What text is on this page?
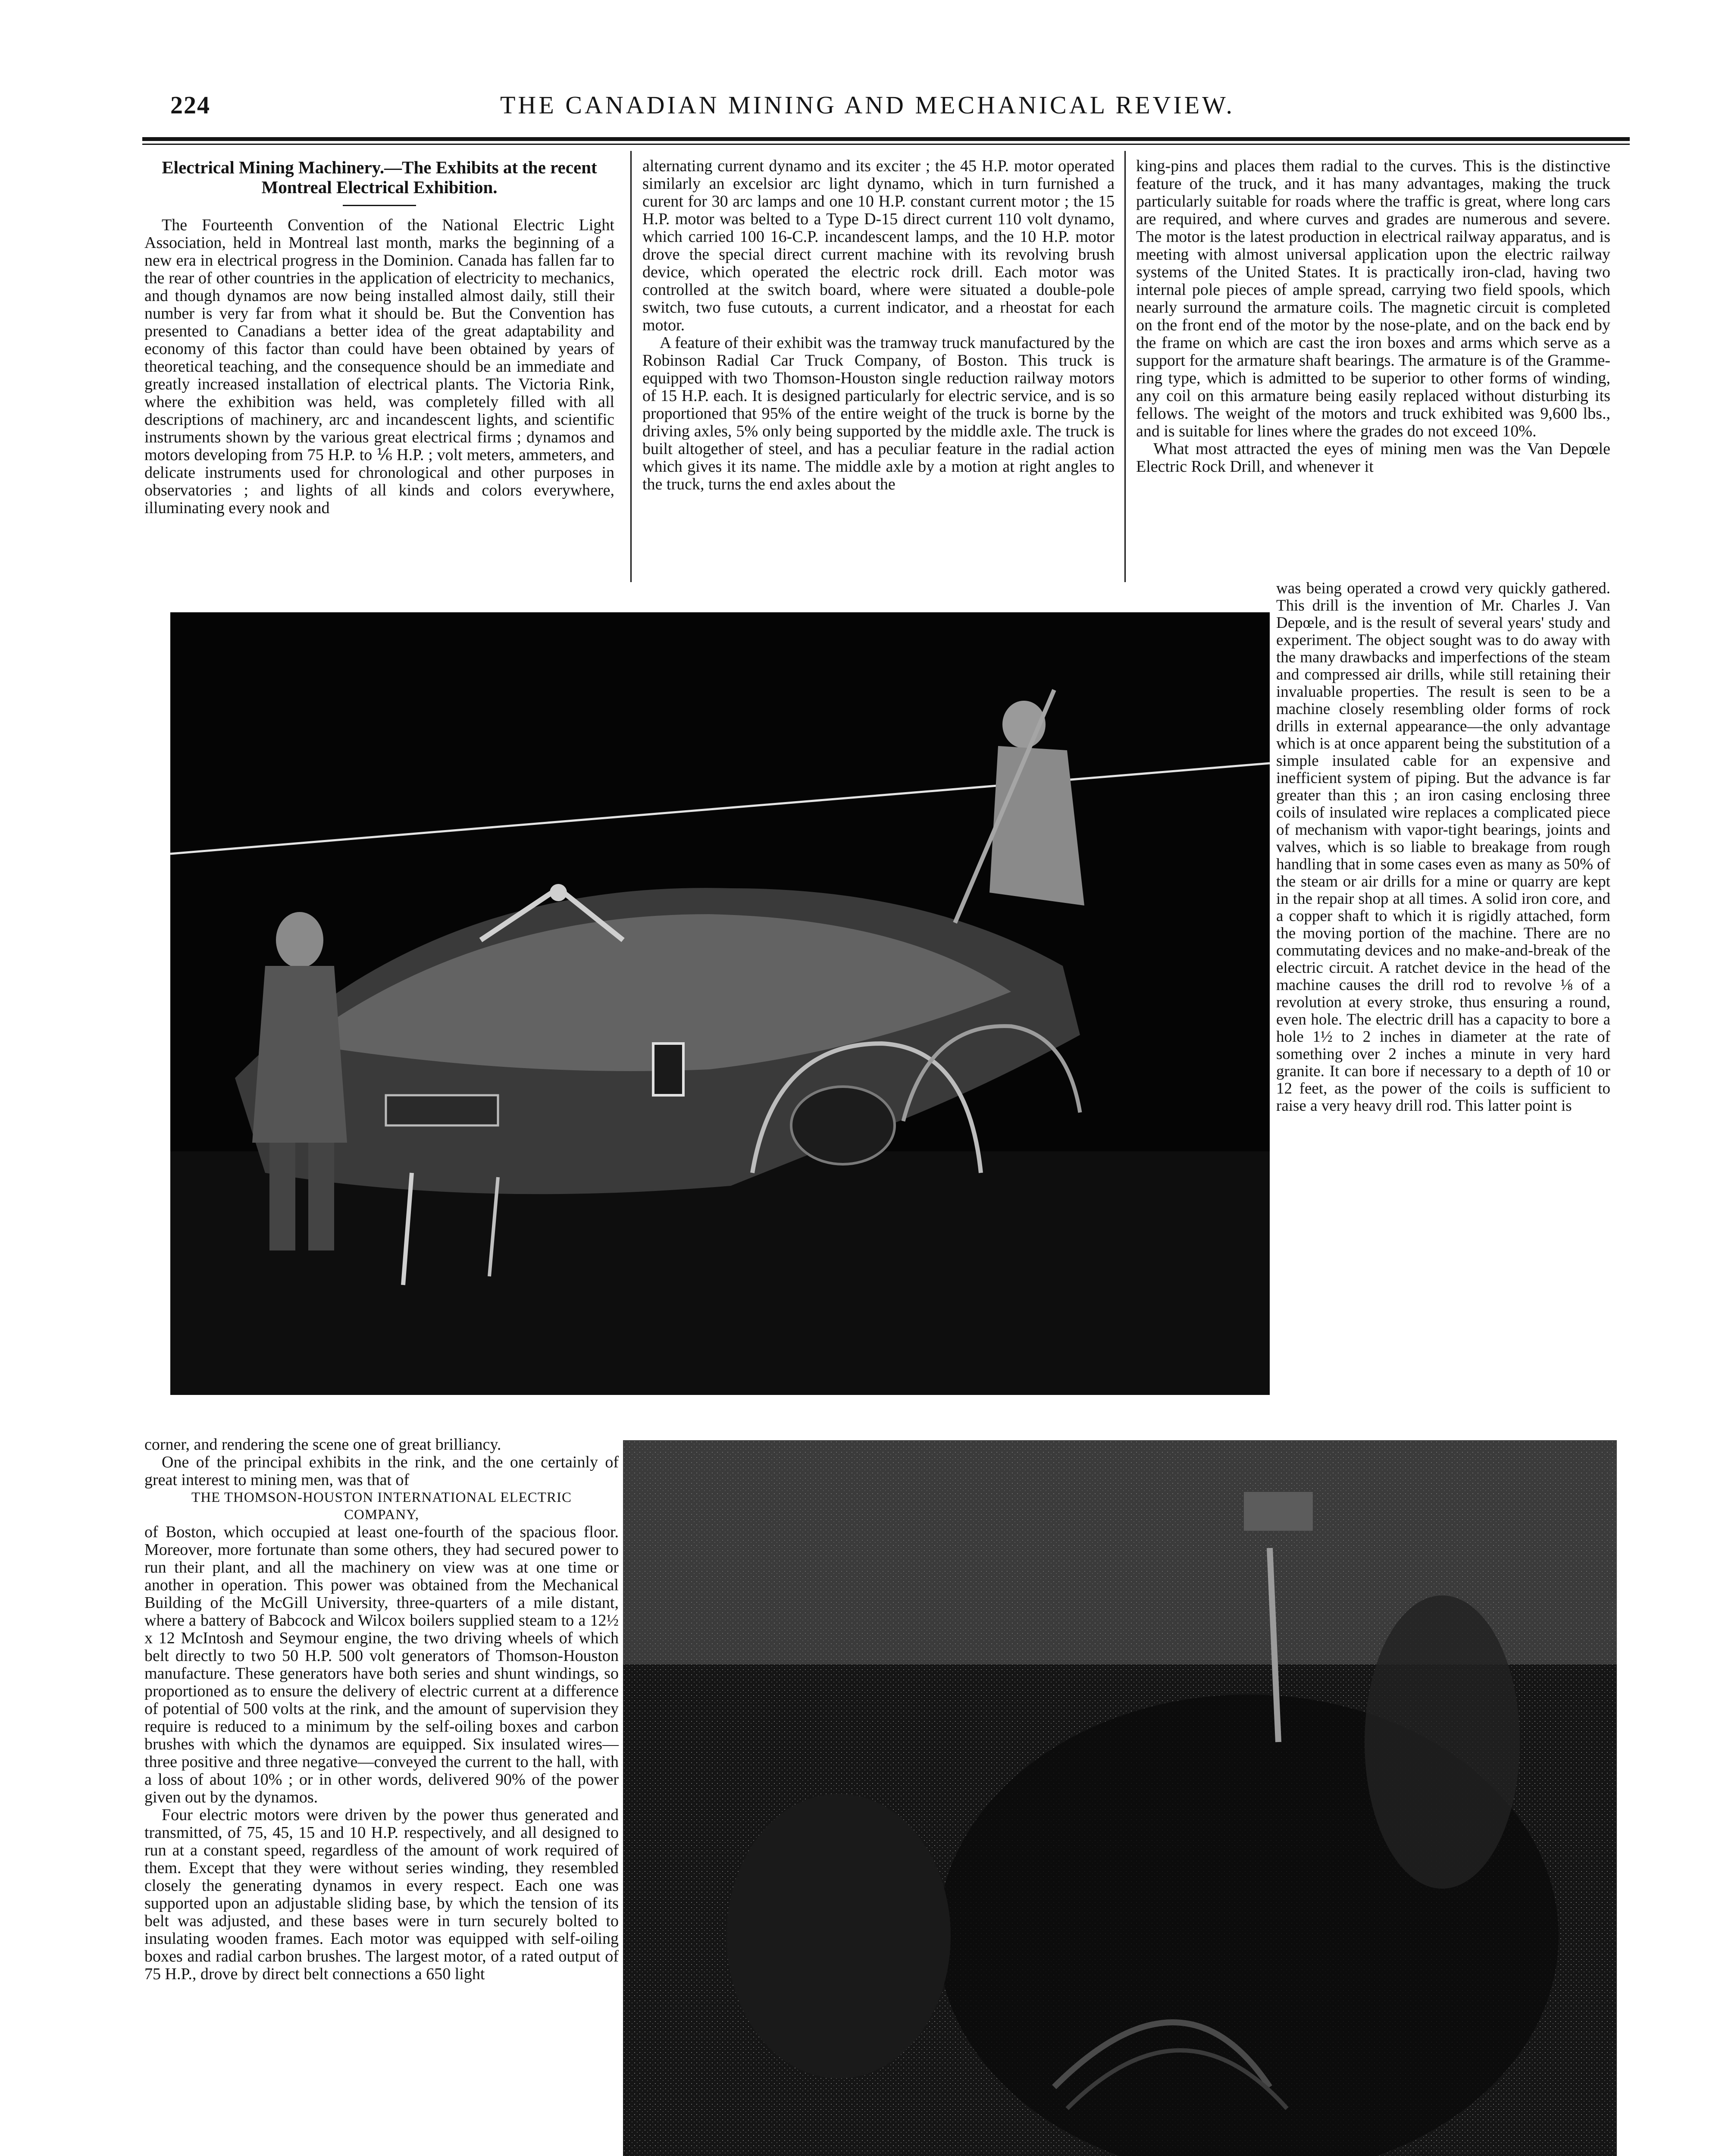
224	THE CANADIAN MINING AND MECHANICAL REVIEW.
Electrical Mining Machinery.—The Exhibits at the recent Montreal Electrical Exhibition.

The Fourteenth Convention of the National Electric Light Association, held in Montreal last month, marks the beginning of a new era in electrical progress in the Dominion. Canada has fallen far to the rear of other countries in the application of electricity to mechanics, and though dynamos are now being installed almost daily, still their number is very far from what it should be. But the Convention has presented to Canadians a better idea of the great adaptability and economy of this factor than could have been obtained by years of theoretical teaching, and the consequence should be an immediate and greatly increased installation of electrical plants. The Victoria Rink, where the exhibition was held, was completely filled with all descriptions of machinery, arc and incandescent lights, and scientific instruments shown by the various great electrical firms ; dynamos and motors developing from 75 H.P. to ⅙ H.P. ; volt meters, ammeters, and delicate instruments used for chronological and other purposes in observatories ; and lights of all kinds and colors everywhere, illuminating every nook and

alternating current dynamo and its exciter ; the 45 H.P. motor operated similarly an excelsior arc light dynamo, which in turn furnished a curent for 30 arc lamps and one 10 H.P. constant current motor ; the 15 H.P. motor was belted to a Type D-15 direct current 110 volt dynamo, which carried 100 16-C.P. incandescent lamps, and the 10 H.P. motor drove the special direct current machine with its revolving brush device, which operated the electric rock drill. Each motor was controlled at the switch board, where were situated a double-pole switch, two fuse cutouts, a current indicator, and a rheostat for each motor.

A feature of their exhibit was the tramway truck manufactured by the Robinson Radial Car Truck Company, of Boston. This truck is equipped with two Thomson-Houston single reduction railway motors of 15 H.P. each. It is designed particularly for electric service, and is so proportioned that 95% of the entire weight of the truck is borne by the driving axles, 5% only being supported by the middle axle. The truck is built altogether of steel, and has a peculiar feature in the radial action which gives it its name. The middle axle by a motion at right angles to the truck, turns the end axles about the

king-pins and places them radial to the curves. This is the distinctive feature of the truck, and it has many advantages, making the truck particularly suitable for roads where the traffic is great, where long cars are required, and where curves and grades are numerous and severe. The motor is the latest production in electrical railway apparatus, and is meeting with almost universal application upon the electric railway systems of the United States. It is practically iron-clad, having two internal pole pieces of ample spread, carrying two field spools, which nearly surround the armature coils. The magnetic circuit is completed on the front end of the motor by the nose-plate, and on the back end by the frame on which are cast the iron boxes and arms which serve as a support for the armature shaft bearings. The armature is of the Gramme-ring type, which is admitted to be superior to other forms of winding, any coil on this armature being easily replaced without disturbing its fellows. The weight of the motors and truck exhibited was 9,600 lbs., and is suitable for lines where the grades do not exceed 10%.

What most attracted the eyes of mining men was the Van Depœle Electric Rock Drill, and whenever it

was being operated a crowd very quickly gathered. This drill is the invention of Mr. Charles J. Van Depœle, and is the result of several years' study and experiment. The object sought was to do away with the many drawbacks and imperfections of the steam and compressed air drills, while still retaining their invaluable properties. The result is seen to be a machine closely resembling older forms of rock drills in external appearance—the only advantage which is at once apparent being the substitution of a simple insulated cable for an expensive and inefficient system of piping. But the advance is far greater than this ; an iron casing enclosing three coils of insulated wire replaces a complicated piece of mechanism with vapor-tight bearings, joints and valves, which is so liable to breakage from rough handling that in some cases even as many as 50% of the steam or air drills for a mine or quarry are kept in the repair shop at all times. A solid iron core, and a copper shaft to which it is rigidly attached, form the moving portion of the machine. There are no commutating devices and no make-and-break of the electric circuit. A ratchet device in the head of the machine causes the drill rod to revolve ⅛ of a revolution at every stroke, thus ensuring a round, even hole. The electric drill has a capacity to bore a hole 1½ to 2 inches in diameter at the rate of something over 2 inches a minute in very hard granite. It can bore if necessary to a depth of 10 or 12 feet, as the power of the coils is sufficient to raise a very heavy drill rod. This latter point is

corner, and rendering the scene one of great brilliancy.

One of the principal exhibits in the rink, and the one certainly of great interest to mining men, was that of

THE THOMSON-HOUSTON INTERNATIONAL ELECTRIC
COMPANY,

of Boston, which occupied at least one-fourth of the spacious floor. Moreover, more fortunate than some others, they had secured power to run their plant, and all the machinery on view was at one time or another in operation. This power was obtained from the Mechanical Building of the McGill University, three-quarters of a mile distant, where a battery of Babcock and Wilcox boilers supplied steam to a 12½ x 12 McIntosh and Seymour engine, the two driving wheels of which belt directly to two 50 H.P. 500 volt generators of Thomson-Houston manufacture. These generators have both series and shunt windings, so proportioned as to ensure the delivery of electric current at a difference of potential of 500 volts at the rink, and the amount of supervision they require is reduced to a minimum by the self-oiling boxes and carbon brushes with which the dynamos are equipped. Six insulated wires—three positive and three negative—conveyed the current to the hall, with a loss of about 10% ; or in other words, delivered 90% of the power given out by the dynamos.

Four electric motors were driven by the power thus generated and transmitted, of 75, 45, 15 and 10 H.P. respectively, and all designed to run at a constant speed, regardless of the amount of work required of them. Except that they were without series winding, they resembled closely the generating dynamos in every respect. Each one was supported upon an adjustable sliding base, by which the tension of its belt was adjusted, and these bases were in turn securely bolted to insulating wooden frames. Each motor was equipped with self-oiling boxes and radial carbon brushes. The largest motor, of a rated output of 75 H.P., drove by direct belt connections a 650 light
